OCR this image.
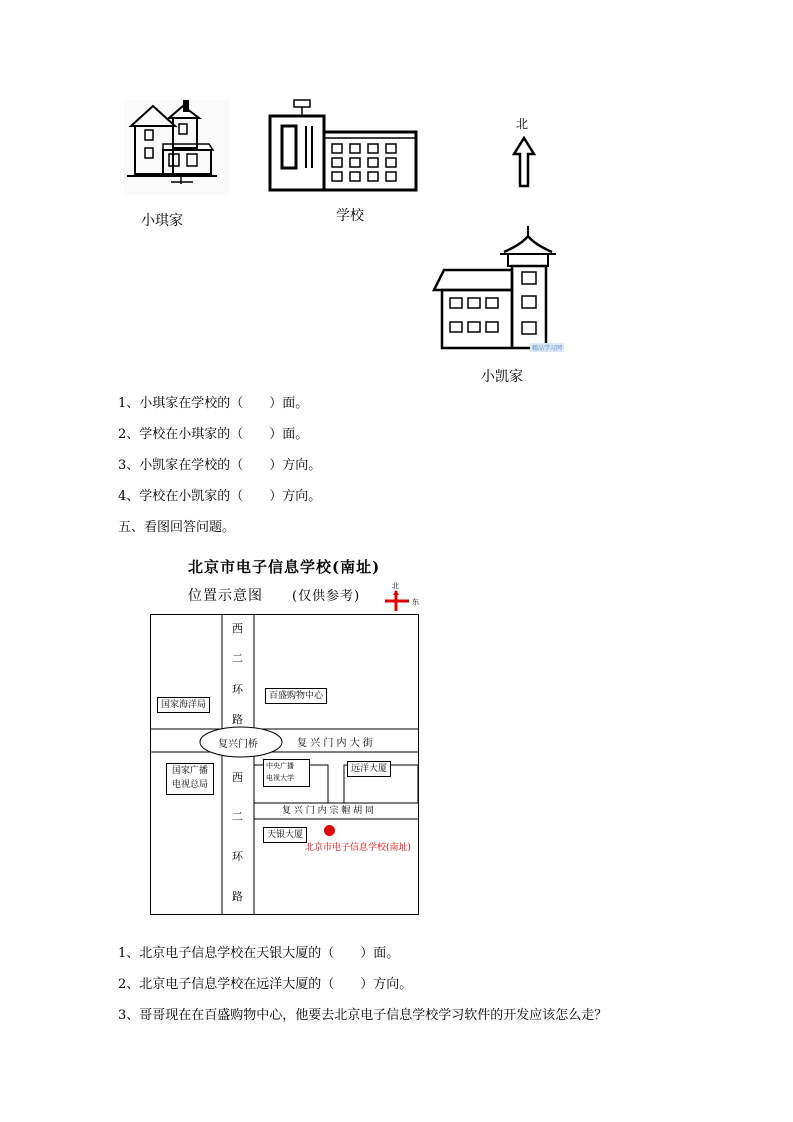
小琪家	学校
北
精品学习网
小凯家
1、小琪家在学校的（　　）面。
2、学校在小琪家的（　　）面。
3、小凯家在学校的（　　）方向。
4、学校在小凯家的（　　）方向。
五、看图回答问题。
北京市电子信息学校(南址)
位置示意图 (仅供参考)
北
东
西
二
环
路
西
二
环
路
复兴门桥	复 兴 门 内 大 街
复 兴 门 内 宗 帽 胡 同
百盛购物中心
国家海洋局
国家广播
电视总局
中央广播
电视大学
远洋大厦
天银大厦
北京市电子信息学校(南址)
1、北京电子信息学校在天银大厦的（　　）面。
2、北京电子信息学校在远洋大厦的（　　）方向。
3、哥哥现在在百盛购物中心，他要去北京电子信息学校学习软件的开发应该怎么走？
